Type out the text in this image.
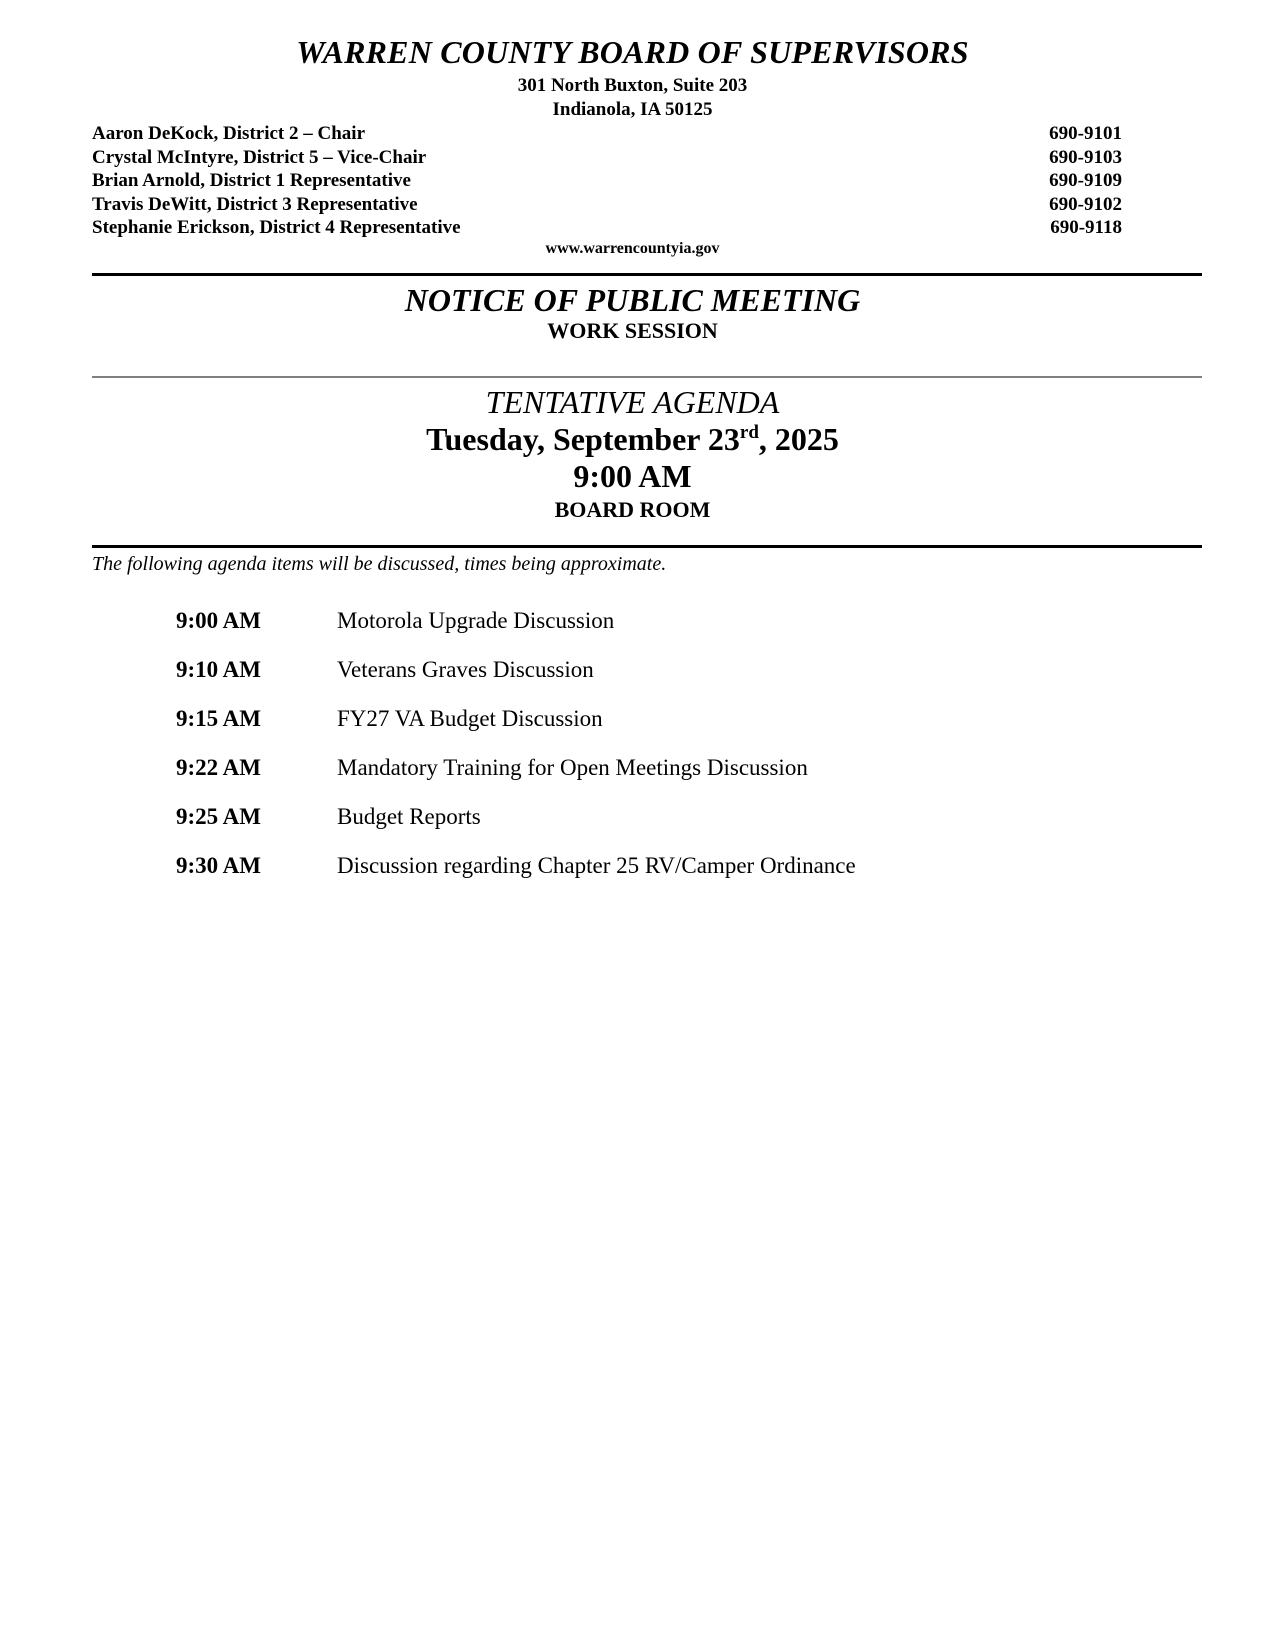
WARREN COUNTY BOARD OF SUPERVISORS
301 North Buxton, Suite 203
Indianola, IA 50125
Aaron DeKock, District 2 – Chair	690-9101
Crystal McIntyre, District 5 – Vice-Chair	690-9103
Brian Arnold, District 1 Representative	690-9109
Travis DeWitt, District 3 Representative	690-9102
Stephanie Erickson, District 4 Representative	690-9118
www.warrencountyia.gov
NOTICE OF PUBLIC MEETING
WORK SESSION
TENTATIVE AGENDA
Tuesday, September 23rd, 2025
9:00 AM
BOARD ROOM
The following agenda items will be discussed, times being approximate.
9:00 AM	Motorola Upgrade Discussion
9:10 AM	Veterans Graves Discussion
9:15 AM	FY27 VA Budget Discussion
9:22 AM	Mandatory Training for Open Meetings Discussion
9:25 AM	Budget Reports
9:30 AM	Discussion regarding Chapter 25 RV/Camper Ordinance
